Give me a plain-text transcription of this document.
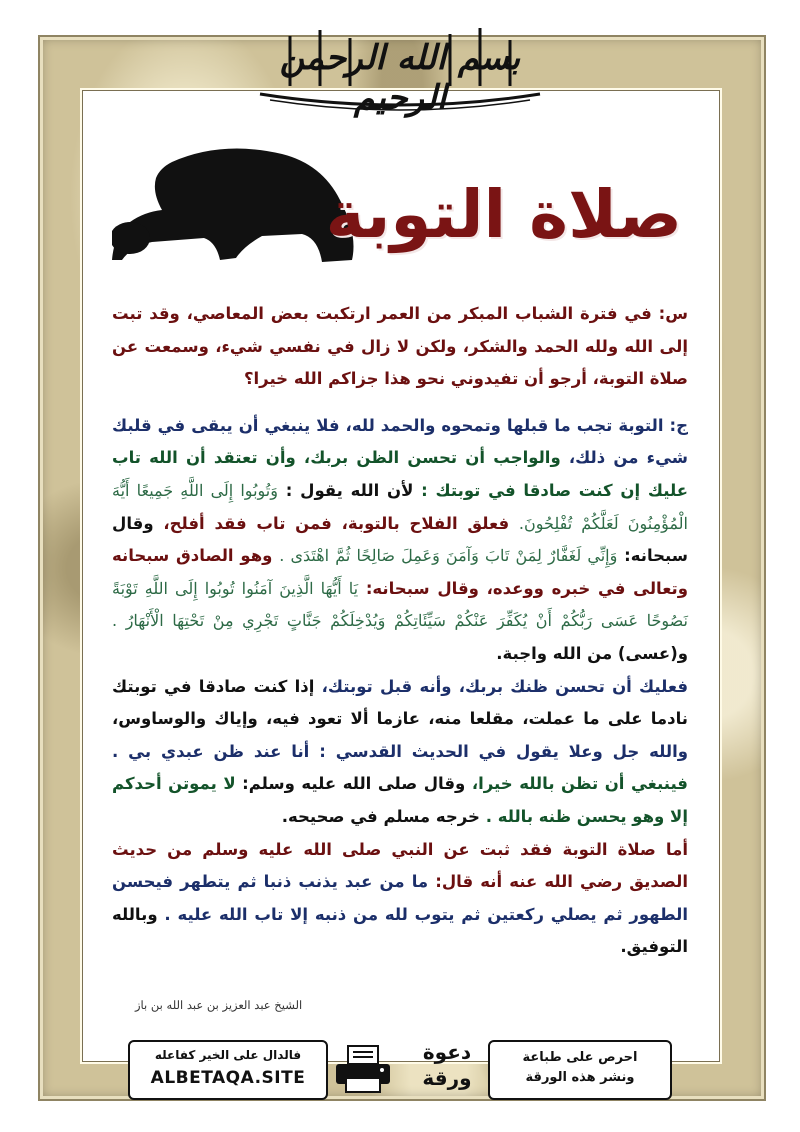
بسم الله الرحمن الرحيم
صلاة التوبة

س: في فترة الشباب المبكر من العمر ارتكبت بعض المعاصي، وقد تبت إلى الله ولله الحمد والشكر، ولكن لا زال في نفسي شيء، وسمعت عن صلاة التوبة، أرجو أن تفيدوني نحو هذا جزاكم الله خيرا؟

ج: التوبة تجب ما قبلها وتمحوه والحمد لله، فلا ينبغي أن يبقى في قلبك شيء من ذلك، والواجب أن تحسن الظن بربك، وأن تعتقد أن الله تاب عليك إن كنت صادقا في توبتك : لأن الله يقول : وَتُوبُوا إِلَى اللَّهِ جَمِيعًا أَيُّهَ الْمُؤْمِنُونَ لَعَلَّكُمْ تُفْلِحُونَ. فعلق الفلاح بالتوبة، فمن تاب فقد أفلح، وقال سبحانه: وَإِنِّي لَغَفَّارٌ لِمَنْ تَابَ وَآمَنَ وَعَمِلَ صَالِحًا ثُمَّ اهْتَدَى . وهو الصادق سبحانه وتعالى في خبره ووعده، وقال سبحانه: يَا أَيُّهَا الَّذِينَ آمَنُوا تُوبُوا إِلَى اللَّهِ تَوْبَةً نَصُوحًا عَسَى رَبُّكُمْ أَنْ يُكَفِّرَ عَنْكُمْ سَيِّئَاتِكُمْ وَيُدْخِلَكُمْ جَنَّاتٍ تَجْرِي مِنْ تَحْتِهَا الْأَنْهَارُ . و(عسى) من الله واجبة.

فعليك أن تحسن ظنك بربك، وأنه قبل توبتك، إذا كنت صادقا في توبتك نادما على ما عملت، مقلعا منه، عازما ألا تعود فيه، وإياك والوساوس، والله جل وعلا يقول في الحديث القدسي : أنا عند ظن عبدي بي . فينبغي أن تظن بالله خيرا، وقال صلى الله عليه وسلم: لا يموتن أحدكم إلا وهو يحسن ظنه بالله . خرجه مسلم في صحيحه.

أما صلاة التوبة فقد ثبت عن النبي صلى الله عليه وسلم من حديث الصديق رضي الله عنه أنه قال: ما من عبد يذنب ذنبا ثم يتطهر فيحسن الطهور ثم يصلي ركعتين ثم يتوب لله من ذنبه إلا تاب الله عليه . وبالله التوفيق.

الشيخ عبد العزيز بن عبد الله بن باز
فالدال على الخير كفاعله
ALBETAQA.SITE
دعوة
ورقة
احرص على طباعة
ونشر هذه الورقة
